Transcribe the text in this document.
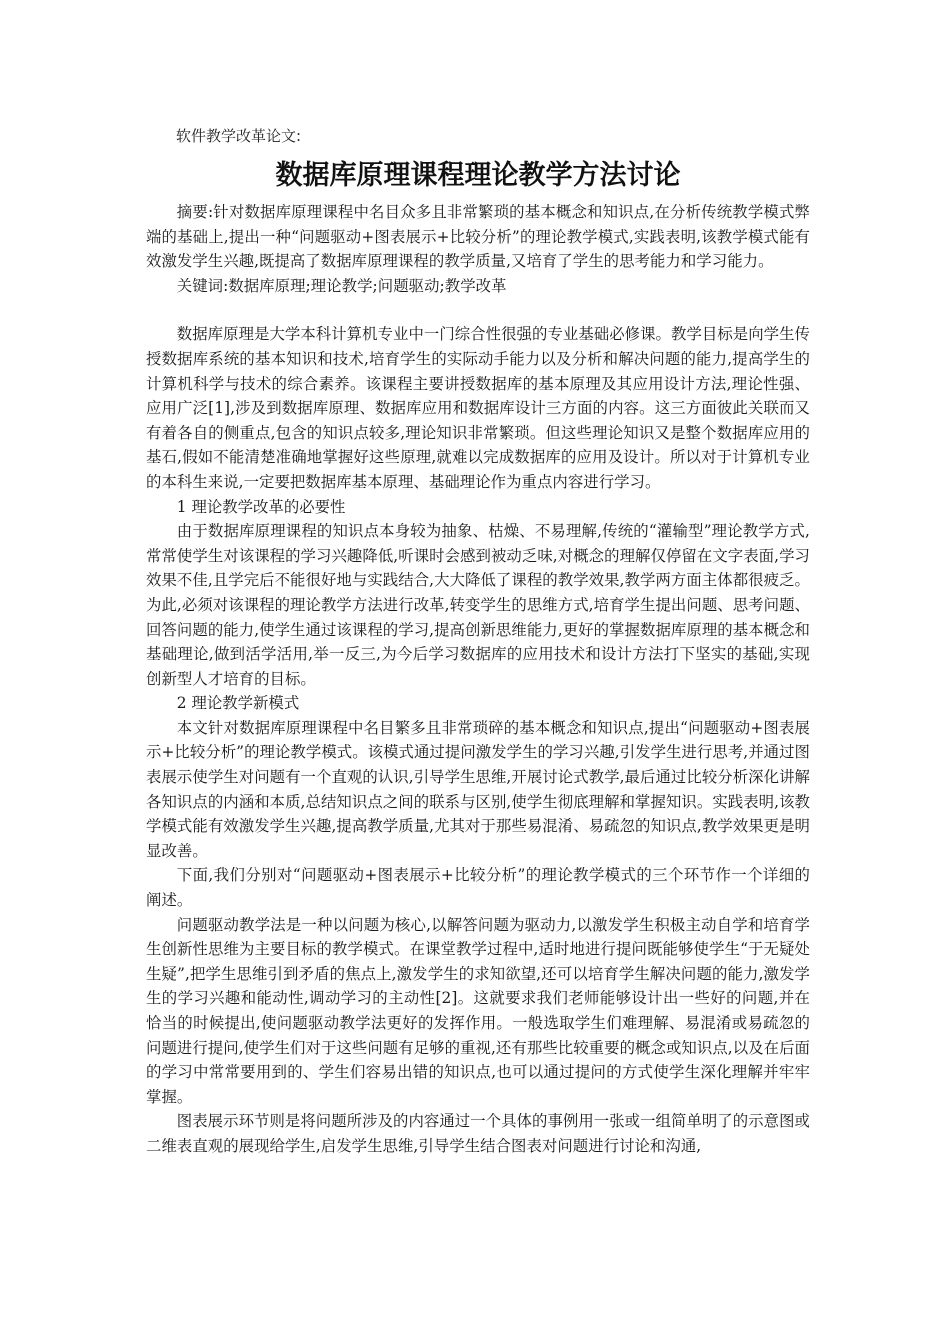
软件教学改革论文:
数据库原理课程理论教学方法讨论

摘要:针对数据库原理课程中名目众多且非常繁琐的基本概念和知识点,在分析传统教学模式弊端的基础上,提出一种“问题驱动+图表展示+比较分析”的理论教学模式,实践表明,该教学模式能有效激发学生兴趣,既提高了数据库原理课程的教学质量,又培育了学生的思考能力和学习能力。

关键词:数据库原理;理论教学;问题驱动;教学改革

数据库原理是大学本科计算机专业中一门综合性很强的专业基础必修课。教学目标是向学生传授数据库系统的基本知识和技术,培育学生的实际动手能力以及分析和解决问题的能力,提高学生的计算机科学与技术的综合素养。该课程主要讲授数据库的基本原理及其应用设计方法,理论性强、应用广泛[1],涉及到数据库原理、数据库应用和数据库设计三方面的内容。这三方面彼此关联而又有着各自的侧重点,包含的知识点较多,理论知识非常繁琐。但这些理论知识又是整个数据库应用的基石,假如不能清楚准确地掌握好这些原理,就难以完成数据库的应用及设计。所以对于计算机专业的本科生来说,一定要把数据库基本原理、基础理论作为重点内容进行学习。

1 理论教学改革的必要性

由于数据库原理课程的知识点本身较为抽象、枯燥、不易理解,传统的“灌输型”理论教学方式,常常使学生对该课程的学习兴趣降低,听课时会感到被动乏味,对概念的理解仅停留在文字表面,学习效果不佳,且学完后不能很好地与实践结合,大大降低了课程的教学效果,教学两方面主体都很疲乏。为此,必须对该课程的理论教学方法进行改革,转变学生的思维方式,培育学生提出问题、思考问题、回答问题的能力,使学生通过该课程的学习,提高创新思维能力,更好的掌握数据库原理的基本概念和基础理论,做到活学活用,举一反三,为今后学习数据库的应用技术和设计方法打下坚实的基础,实现创新型人才培育的目标。

2 理论教学新模式

本文针对数据库原理课程中名目繁多且非常琐碎的基本概念和知识点,提出“问题驱动+图表展示+比较分析”的理论教学模式。该模式通过提问激发学生的学习兴趣,引发学生进行思考,并通过图表展示使学生对问题有一个直观的认识,引导学生思维,开展讨论式教学,最后通过比较分析深化讲解各知识点的内涵和本质,总结知识点之间的联系与区别,使学生彻底理解和掌握知识。实践表明,该教学模式能有效激发学生兴趣,提高教学质量,尤其对于那些易混淆、易疏忽的知识点,教学效果更是明显改善。

下面,我们分别对“问题驱动+图表展示+比较分析”的理论教学模式的三个环节作一个详细的阐述。

问题驱动教学法是一种以问题为核心,以解答问题为驱动力,以激发学生积极主动自学和培育学生创新性思维为主要目标的教学模式。在课堂教学过程中,适时地进行提问既能够使学生“于无疑处生疑”,把学生思维引到矛盾的焦点上,激发学生的求知欲望,还可以培育学生解决问题的能力,激发学生的学习兴趣和能动性,调动学习的主动性[2]。这就要求我们老师能够设计出一些好的问题,并在恰当的时候提出,使问题驱动教学法更好的发挥作用。一般选取学生们难理解、易混淆或易疏忽的问题进行提问,使学生们对于这些问题有足够的重视,还有那些比较重要的概念或知识点,以及在后面的学习中常常要用到的、学生们容易出错的知识点,也可以通过提问的方式使学生深化理解并牢牢掌握。

图表展示环节则是将问题所涉及的内容通过一个具体的事例用一张或一组简单明了的示意图或二维表直观的展现给学生,启发学生思维,引导学生结合图表对问题进行讨论和沟通,
